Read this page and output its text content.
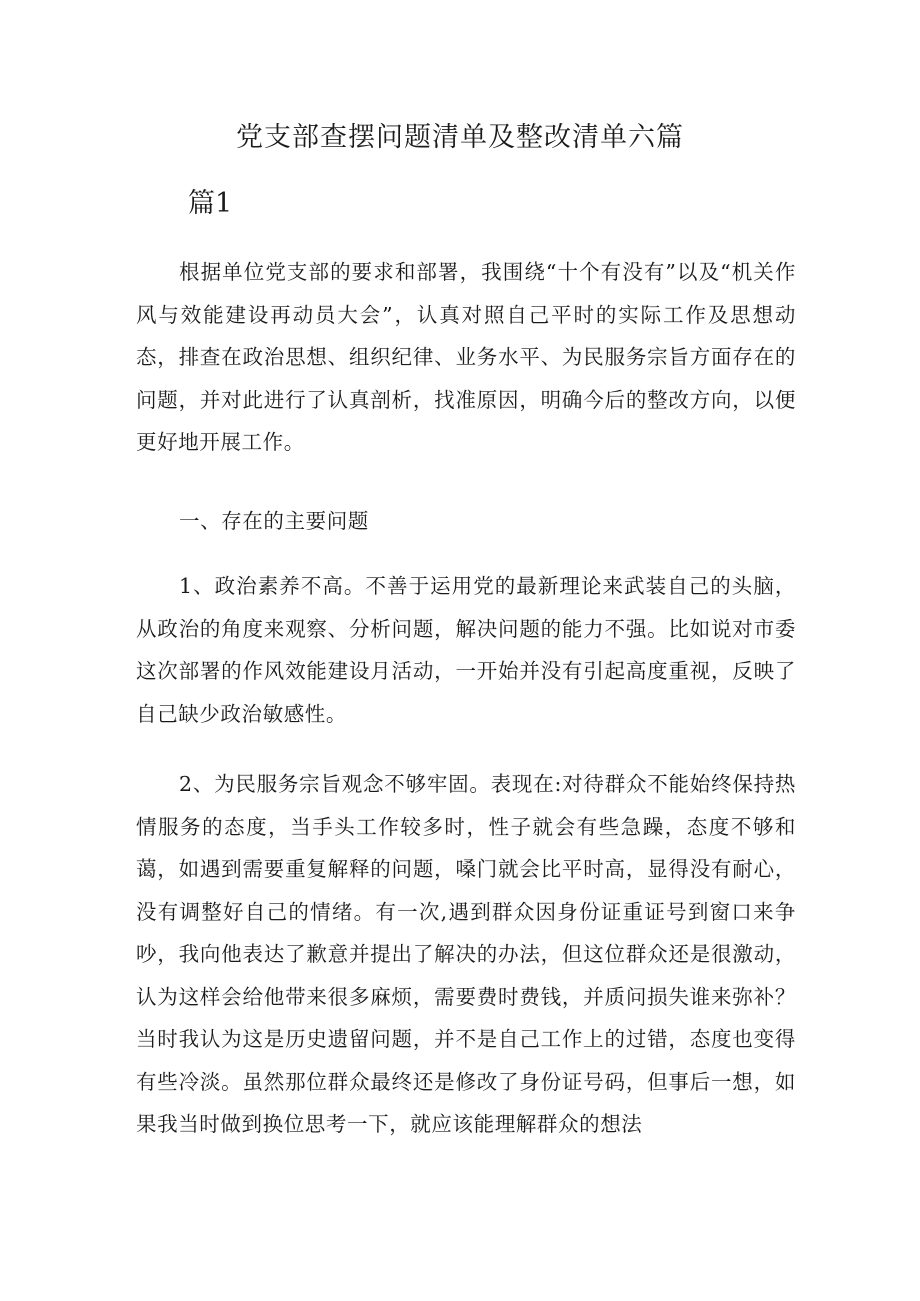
党支部查摆问题清单及整改清单六篇
篇1

根据单位党支部的要求和部署，我围绕“十个有没有”以及“机关作风与效能建设再动员大会”，认真对照自己平时的实际工作及思想动态，排查在政治思想、组织纪律、业务水平、为民服务宗旨方面存在的问题，并对此进行了认真剖析，找准原因，明确今后的整改方向，以便更好地开展工作。

一、存在的主要问题

1、政治素养不高。不善于运用党的最新理论来武装自己的头脑，从政治的角度来观察、分析问题，解决问题的能力不强。比如说对市委这次部署的作风效能建设月活动，一开始并没有引起高度重视，反映了自己缺少政治敏感性。

2、为民服务宗旨观念不够牢固。表现在:对待群众不能始终保持热情服务的态度，当手头工作较多时，性子就会有些急躁，态度不够和蔼，如遇到需要重复解释的问题，嗓门就会比平时高，显得没有耐心，没有调整好自己的情绪。有一次,遇到群众因身份证重证号到窗口来争吵，我向他表达了歉意并提出了解决的办法，但这位群众还是很激动，认为这样会给他带来很多麻烦，需要费时费钱，并质问损失谁来弥补？当时我认为这是历史遗留问题，并不是自己工作上的过错，态度也变得有些冷淡。虽然那位群众最终还是修改了身份证号码，但事后一想，如果我当时做到换位思考一下，就应该能理解群众的想法
